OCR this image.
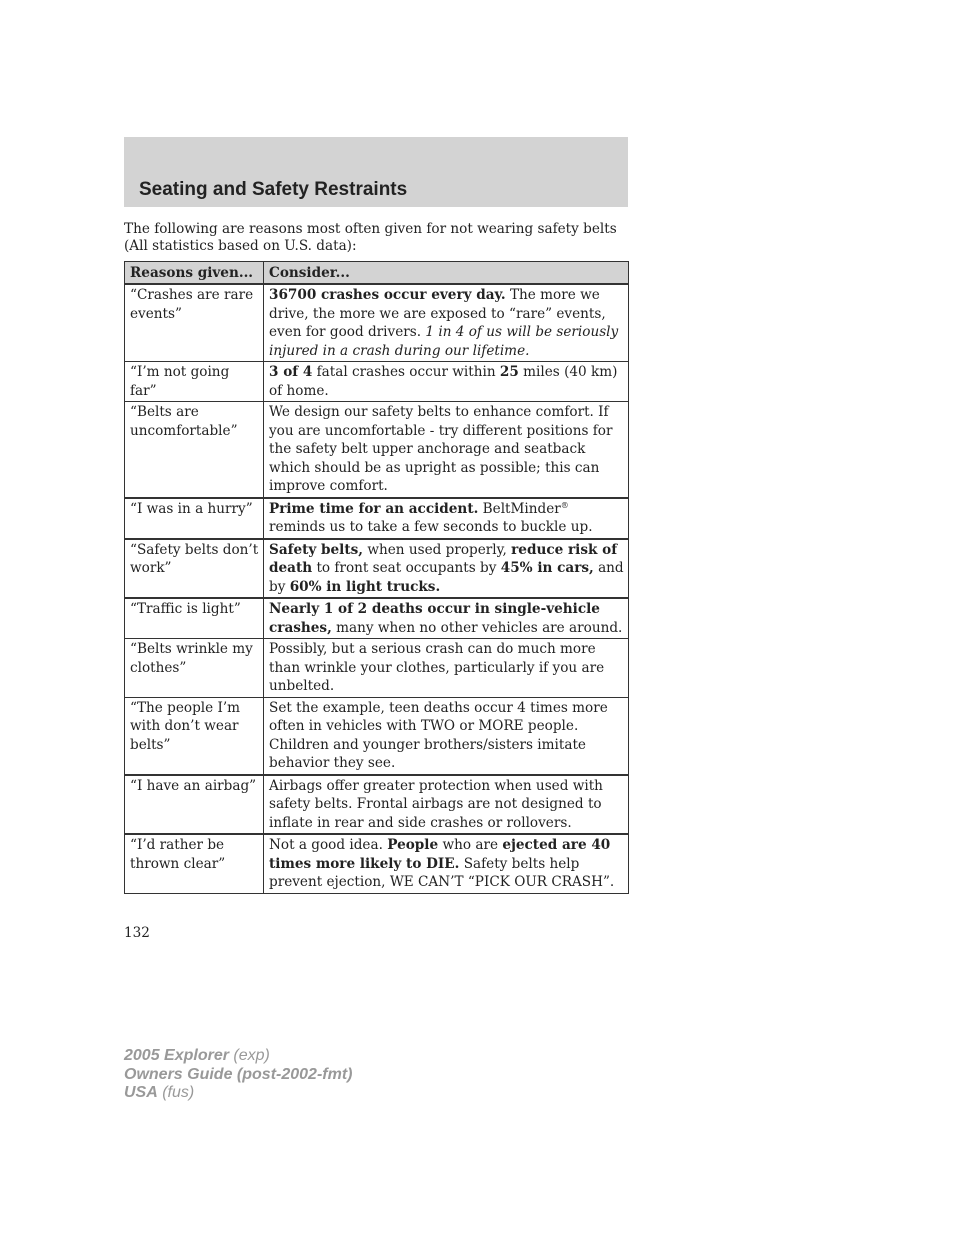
Seating and Safety Restraints

The following are reasons most often given for not wearing safety belts (All statistics based on U.S. data):

Reasons given...	Consider...
“Crashes are rare events”	36700 crashes occur every day. The more we drive, the more we are exposed to “rare” events, even for good drivers. 1 in 4 of us will be seriously injured in a crash during our lifetime.
“I’m not going far”	3 of 4 fatal crashes occur within 25 miles (40 km) of home.
“Belts are uncomfortable”	We design our safety belts to enhance comfort. If you are uncomfortable - try different positions for the safety belt upper anchorage and seatback which should be as upright as possible; this can improve comfort.
“I was in a hurry”	Prime time for an accident. BeltMinder® reminds us to take a few seconds to buckle up.
“Safety belts don’t work”	Safety belts, when used properly, reduce risk of death to front seat occupants by 45% in cars, and by 60% in light trucks.
“Traffic is light”	Nearly 1 of 2 deaths occur in single-vehicle crashes, many when no other vehicles are around.
“Belts wrinkle my clothes”	Possibly, but a serious crash can do much more than wrinkle your clothes, particularly if you are unbelted.
“The people I’m with don’t wear belts”	Set the example, teen deaths occur 4 times more often in vehicles with TWO or MORE people. Children and younger brothers/sisters imitate behavior they see.
“I have an airbag”	Airbags offer greater protection when used with safety belts. Frontal airbags are not designed to inflate in rear and side crashes or rollovers.
“I’d rather be thrown clear”	Not a good idea. People who are ejected are 40 times more likely to DIE. Safety belts help prevent ejection, WE CAN’T “PICK OUR CRASH”.

132

2005 Explorer (exp)
Owners Guide (post-2002-fmt)
USA (fus)
